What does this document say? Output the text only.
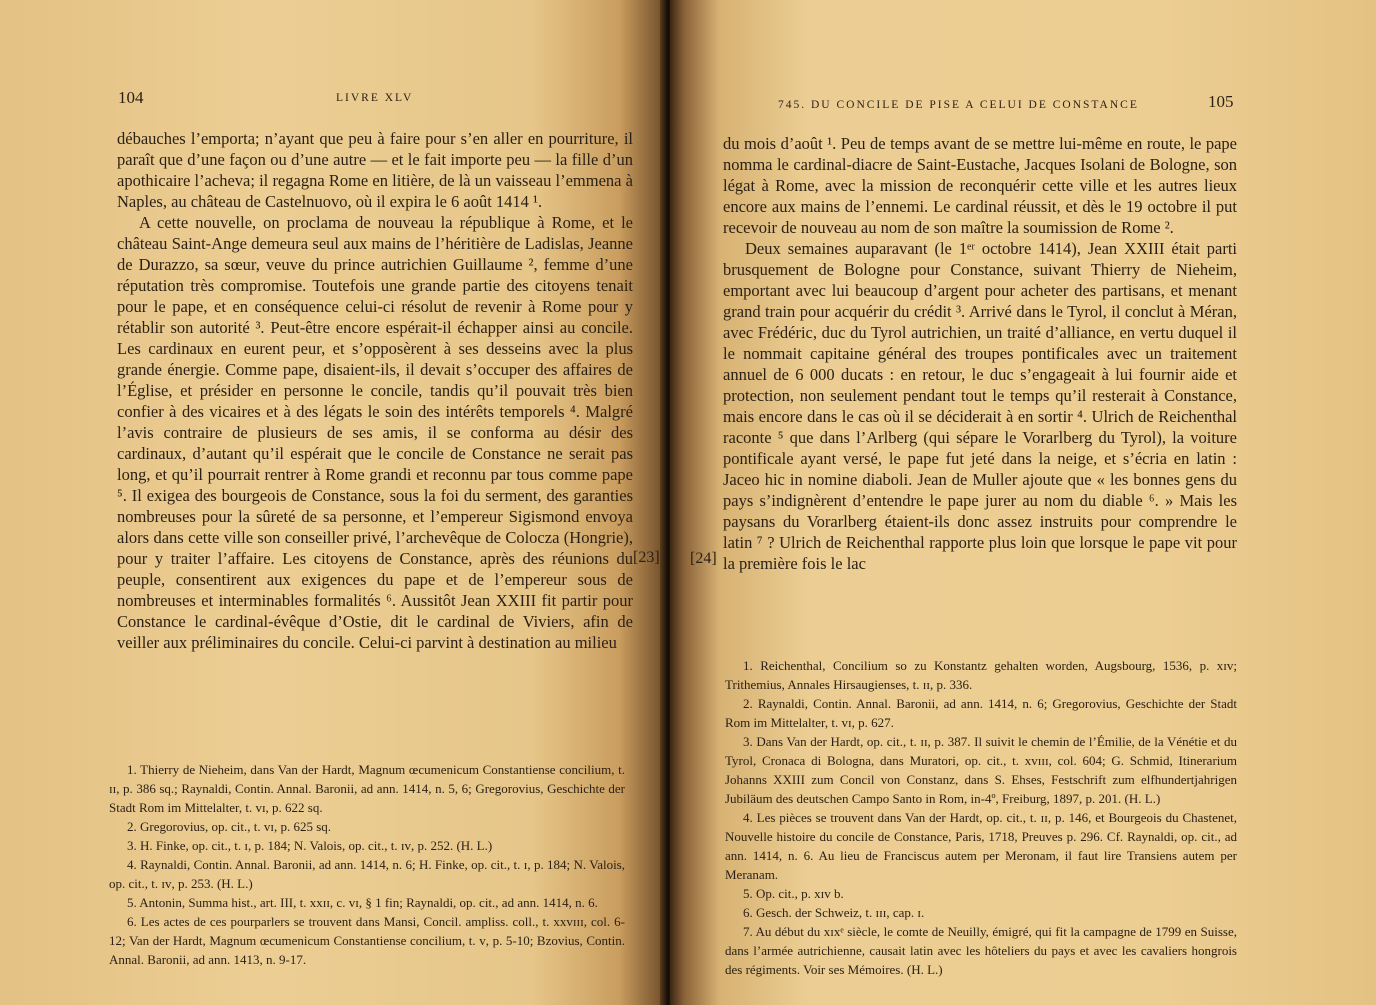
104	LIVRE XLV

débauches l’emporta; n’ayant que peu à faire pour s’en aller en pourriture, il paraît que d’une façon ou d’une autre — et le fait importe peu — la fille d’un apothicaire l’acheva; il regagna Rome en litière, de là un vaisseau l’emmena à Naples, au château de Castelnuovo, où il expira le 6 août 1414 ¹.

A cette nouvelle, on proclama de nouveau la république à Rome, et le château Saint-Ange demeura seul aux mains de l’héritière de Ladislas, Jeanne de Durazzo, sa sœur, veuve du prince autrichien Guillaume ², femme d’une réputation très compromise. Toutefois une grande partie des citoyens tenait pour le pape, et en conséquence celui-ci résolut de revenir à Rome pour y rétablir son autorité ³. Peut-être encore espérait-il échapper ainsi au concile. Les cardinaux en eurent peur, et s’opposèrent à ses desseins avec la plus grande énergie. Comme pape, disaient-ils, il devait s’occuper des affaires de l’Église, et présider en personne le concile, tandis qu’il pouvait très bien confier à des vicaires et à des légats le soin des intérêts temporels ⁴. Malgré l’avis contraire de plusieurs de ses amis, il se conforma au désir des cardinaux, d’autant qu’il espérait que le concile de Constance ne serait pas long, et qu’il pourrait rentrer à Rome grandi et reconnu par tous comme pape ⁵. Il exigea des bourgeois de Constance, sous la foi du serment, des garanties nombreuses pour la sûreté de sa personne, et l’empereur Sigismond envoya alors dans cette ville son conseiller privé, l’archevêque de Colocza (Hongrie), pour y traiter l’affaire. Les citoyens de Constance, après des réunions du peuple, consentirent aux exigences du pape et de l’empereur sous de nombreuses et interminables formalités ⁶. Aussitôt Jean XXIII fit partir pour Constance le cardinal-évêque d’Ostie, dit le cardinal de Viviers, afin de veiller aux préliminaires du concile. Celui-ci parvint à destination au milieu

[23]

1. Thierry de Nieheim, dans Van der Hardt, Magnum œcumenicum Constantiense concilium, t. ɪɪ, p. 386 sq.; Raynaldi, Contin. Annal. Baronii, ad ann. 1414, n. 5, 6; Gregorovius, Geschichte der Stadt Rom im Mittelalter, t. ᴠɪ, p. 622 sq.

2. Gregorovius, op. cit., t. ᴠɪ, p. 625 sq.

3. H. Finke, op. cit., t. ɪ, p. 184; N. Valois, op. cit., t. ɪᴠ, p. 252. (H. L.)

4. Raynaldi, Contin. Annal. Baronii, ad ann. 1414, n. 6; H. Finke, op. cit., t. ɪ, p. 184; N. Valois, op. cit., t. ɪᴠ, p. 253. (H. L.)

5. Antonin, Summa hist., art. III, t. xxɪɪ, c. ᴠɪ, § 1 fin; Raynaldi, op. cit., ad ann. 1414, n. 6.

6. Les actes de ces pourparlers se trouvent dans Mansi, Concil. ampliss. coll., t. xxᴠɪɪɪ, col. 6-12; Van der Hardt, Magnum œcumenicum Constantiense concilium, t. ᴠ, p. 5-10; Bzovius, Contin. Annal. Baronii, ad ann. 1413, n. 9-17.

745. DU CONCILE DE PISE A CELUI DE CONSTANCE	105

du mois d’août ¹. Peu de temps avant de se mettre lui-même en route, le pape nomma le cardinal-diacre de Saint-Eustache, Jacques Isolani de Bologne, son légat à Rome, avec la mission de reconquérir cette ville et les autres lieux encore aux mains de l’ennemi. Le cardinal réussit, et dès le 19 octobre il put recevoir de nouveau au nom de son maître la soumission de Rome ².

Deux semaines auparavant (le 1ᵉʳ octobre 1414), Jean XXIII était parti brusquement de Bologne pour Constance, suivant Thierry de Nieheim, emportant avec lui beaucoup d’argent pour acheter des partisans, et menant grand train pour acquérir du crédit ³. Arrivé dans le Tyrol, il conclut à Méran, avec Frédéric, duc du Tyrol autrichien, un traité d’alliance, en vertu duquel il le nommait capitaine général des troupes pontificales avec un traitement annuel de 6 000 ducats : en retour, le duc s’engageait à lui fournir aide et protection, non seulement pendant tout le temps qu’il resterait à Constance, mais encore dans le cas où il se déciderait à en sortir ⁴. Ulrich de Reichenthal raconte ⁵ que dans l’Arlberg (qui sépare le Vorarlberg du Tyrol), la voiture pontificale ayant versé, le pape fut jeté dans la neige, et s’écria en latin : Jaceo hic in nomine diaboli. Jean de Muller ajoute que « les bonnes gens du pays s’indignèrent d’entendre le pape jurer au nom du diable ⁶. » Mais les paysans du Vorarlberg étaient-ils donc assez instruits pour comprendre le latin ⁷ ? Ulrich de Reichenthal rapporte plus loin que lorsque le pape vit pour la première fois le lac

[24]

1. Reichenthal, Concilium so zu Konstantz gehalten worden, Augsbourg, 1536, p. xɪᴠ; Trithemius, Annales Hirsaugienses, t. ɪɪ, p. 336.

2. Raynaldi, Contin. Annal. Baronii, ad ann. 1414, n. 6; Gregorovius, Geschichte der Stadt Rom im Mittelalter, t. ᴠɪ, p. 627.

3. Dans Van der Hardt, op. cit., t. ɪɪ, p. 387. Il suivit le chemin de l’Émilie, de la Vénétie et du Tyrol, Cronaca di Bologna, dans Muratori, op. cit., t. xᴠɪɪɪ, col. 604; G. Schmid, Itinerarium Johanns XXIII zum Concil von Constanz, dans S. Ehses, Festschrift zum elfhundertjahrigen Jubiläum des deutschen Campo Santo in Rom, in-4º, Freiburg, 1897, p. 201. (H. L.)

4. Les pièces se trouvent dans Van der Hardt, op. cit., t. ɪɪ, p. 146, et Bourgeois du Chastenet, Nouvelle histoire du concile de Constance, Paris, 1718, Preuves p. 296. Cf. Raynaldi, op. cit., ad ann. 1414, n. 6. Au lieu de Franciscus autem per Meronam, il faut lire Transiens autem per Meranam.

5. Op. cit., p. xɪᴠ b.

6. Gesch. der Schweiz, t. ɪɪɪ, cap. ɪ.

7. Au début du xɪxᵉ siècle, le comte de Neuilly, émigré, qui fit la campagne de 1799 en Suisse, dans l’armée autrichienne, causait latin avec les hôteliers du pays et avec les cavaliers hongrois des régiments. Voir ses Mémoires. (H. L.)
